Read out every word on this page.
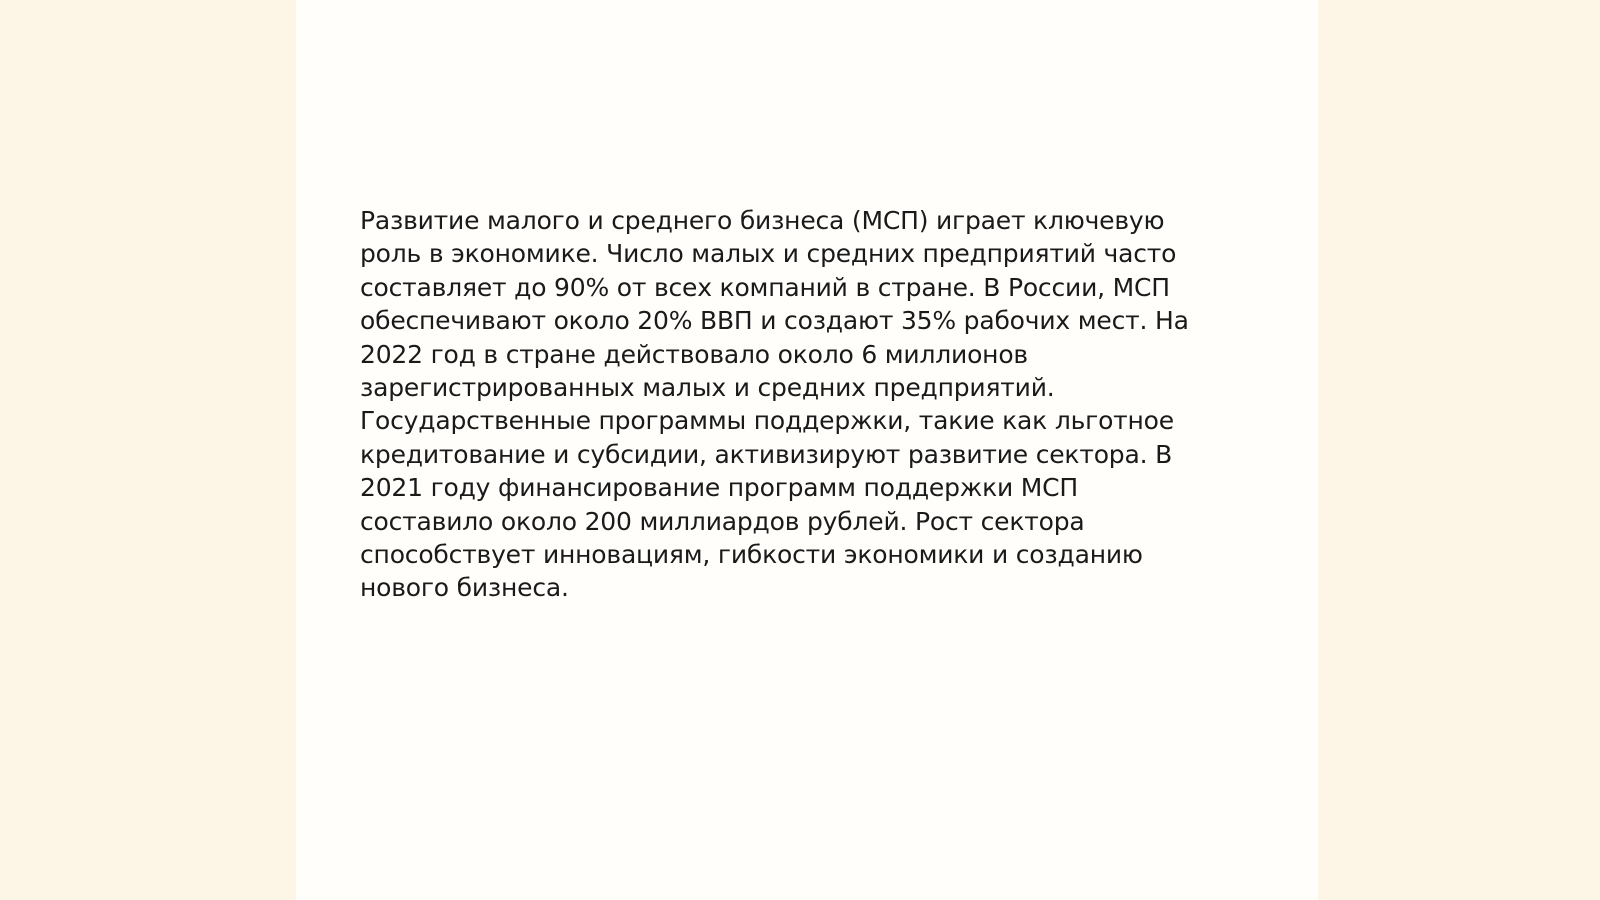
Развитие малого и среднего бизнеса (МСП) играет ключевую
роль в экономике. Число малых и средних предприятий часто
составляет до 90% от всех компаний в стране. В России, МСП
обеспечивают около 20% ВВП и создают 35% рабочих мест. На
2022 год в стране действовало около 6 миллионов
зарегистрированных малых и средних предприятий.
Государственные программы поддержки, такие как льготное
кредитование и субсидии, активизируют развитие сектора. В
2021 году финансирование программ поддержки МСП
составило около 200 миллиардов рублей. Рост сектора
способствует инновациям, гибкости экономики и созданию
нового бизнеса.
